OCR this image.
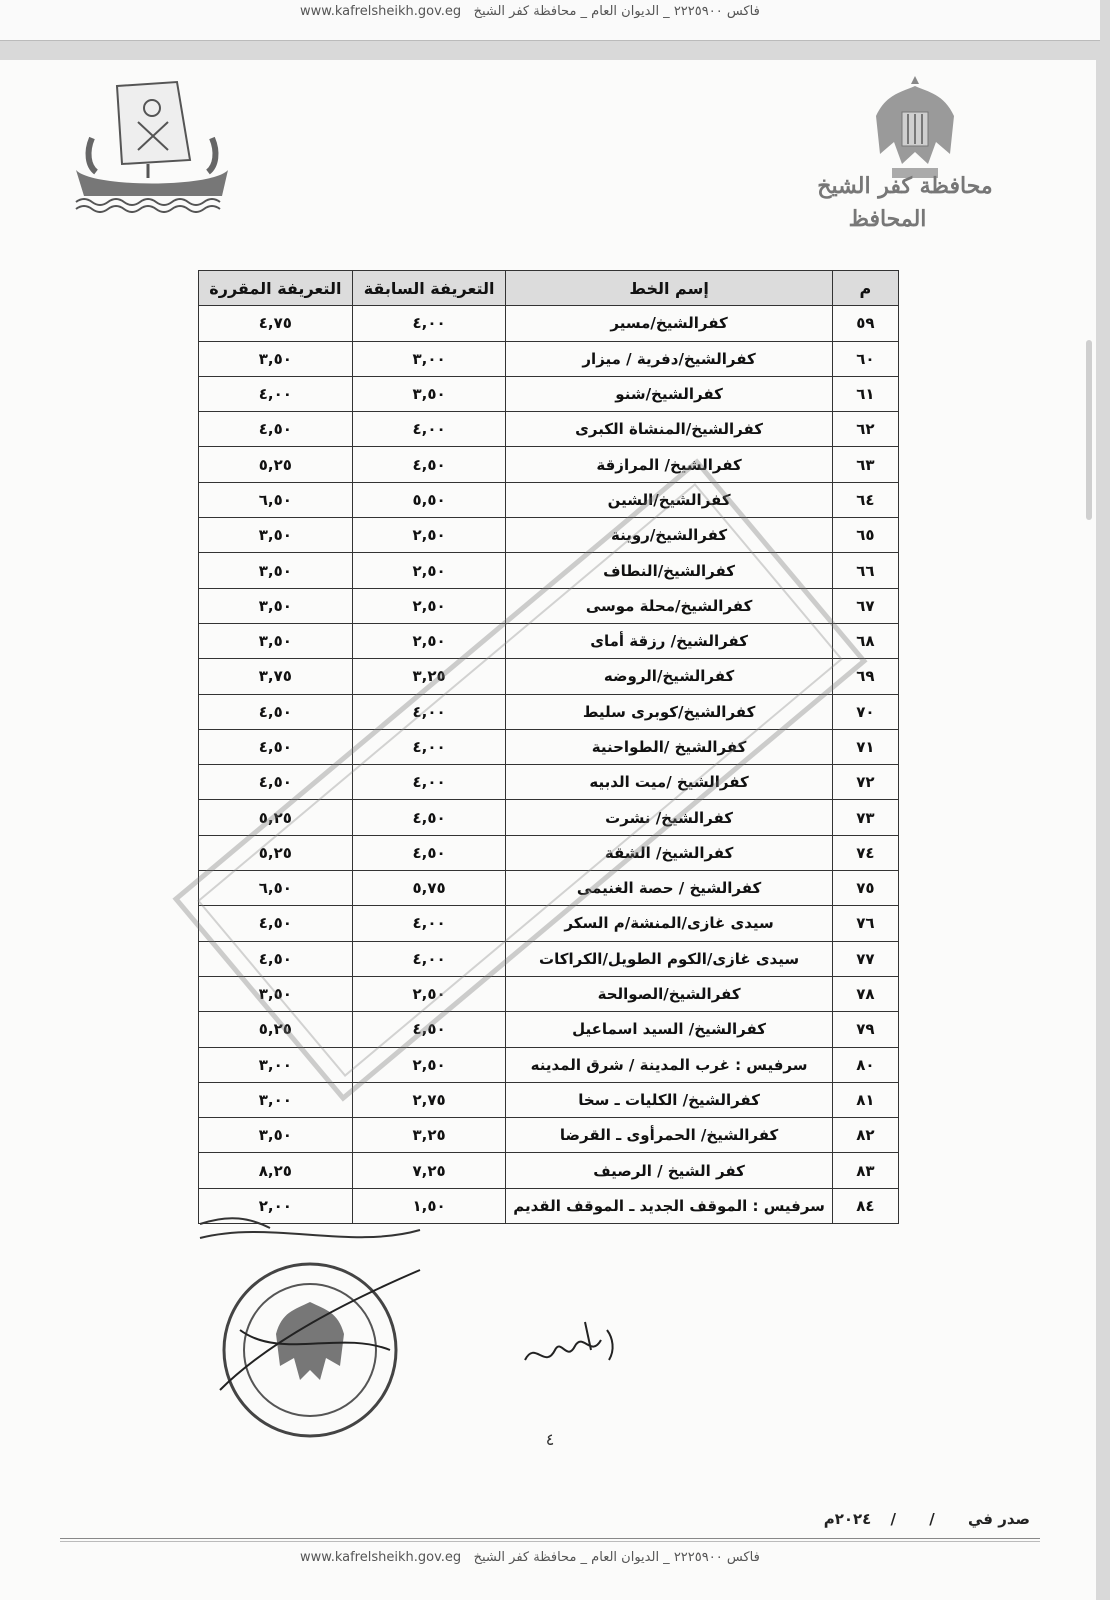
www.kafrelsheikh.gov.eg فاكس ٢٢٢٥٩٠٠ _ الديوان العام _ محافظة كفر الشيخ
محافظة كفر الشيخ
المحافظ
م	إسم الخط	التعريفة السابقة	التعريفة المقررة
٥٩	كفرالشيخ/مسير	٤,٠٠	٤,٧٥
٦٠	كفرالشيخ/دفرية / ميزار	٣,٠٠	٣,٥٠
٦١	كفرالشيخ/شنو	٣,٥٠	٤,٠٠
٦٢	كفرالشيخ/المنشاة الكبرى	٤,٠٠	٤,٥٠
٦٣	كفرالشيخ/ المرازقة	٤,٥٠	٥,٢٥
٦٤	كفرالشيخ/الشين	٥,٥٠	٦,٥٠
٦٥	كفرالشيخ/روينة	٢,٥٠	٣,٥٠
٦٦	كفرالشيخ/النطاف	٢,٥٠	٣,٥٠
٦٧	كفرالشيخ/محلة موسى	٢,٥٠	٣,٥٠
٦٨	كفرالشيخ/ رزقة أماى	٢,٥٠	٣,٥٠
٦٩	كفرالشيخ/الروضه	٣,٢٥	٣,٧٥
٧٠	كفرالشيخ/كوبرى سليط	٤,٠٠	٤,٥٠
٧١	كفرالشيخ /الطواحنية	٤,٠٠	٤,٥٠
٧٢	كفرالشيخ /ميت الدبيه	٤,٠٠	٤,٥٠
٧٣	كفرالشيخ/ نشرت	٤,٥٠	٥,٢٥
٧٤	كفرالشيخ/ الشقة	٤,٥٠	٥,٢٥
٧٥	كفرالشيخ / حصة الغنيمى	٥,٧٥	٦,٥٠
٧٦	سيدى غازى/المنشة/م السكر	٤,٠٠	٤,٥٠
٧٧	سيدى غازى/الكوم الطويل/الكراكات	٤,٠٠	٤,٥٠
٧٨	كفرالشيخ/الصوالحة	٢,٥٠	٣,٥٠
٧٩	كفرالشيخ/ السيد اسماعيل	٤,٥٠	٥,٢٥
٨٠	سرفيس : غرب المدينة / شرق المدينه	٢,٥٠	٣,٠٠
٨١	كفرالشيخ/ الكليات ـ سخا	٢,٧٥	٣,٠٠
٨٢	كفرالشيخ/ الحمرأوى ـ القرضا	٣,٢٥	٣,٥٠
٨٣	كفر الشيخ / الرصيف	٧,٢٥	٨,٢٥
٨٤	سرفيس : الموقف الجديد ـ الموقف القديم	١,٥٠	٢,٠٠
٤
صدر في / / ٢٠٢٤م
www.kafrelsheikh.gov.eg فاكس ٢٢٢٥٩٠٠ _ الديوان العام _ محافظة كفر الشيخ
